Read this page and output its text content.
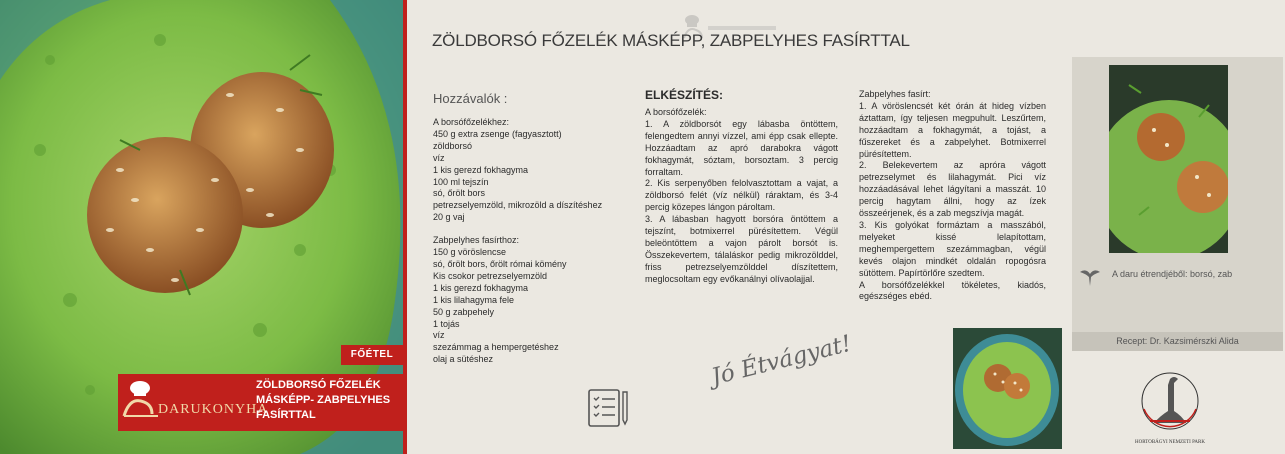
FŐÉTEL
DARUKONYHA
ZÖLDBORSÓ FŐZELÉK MÁSKÉPP- ZABPELYHES FASÍRTTAL
ZÖLDBORSÓ FŐZELÉK MÁSKÉPP, ZABPELYHES FASÍRTTAL
Hozzávalók :
A borsófőzelékhez:
450 g extra zsenge (fagyasztott) zöldborsó
víz
1 kis gerezd fokhagyma
100 ml tejszín
só, őrölt bors
petrezselyemzöld, mikrozöld a díszítéshez
20 g vaj
Zabpelyhes fasírthoz:
150 g vöröslencse
só, őrölt bors, őrölt római kömény
Kis csokor petrezselyemzöld
1 kis gerezd fokhagyma
1 kis lilahagyma fele
50 g zabpehely
1 tojás
víz
szezámmag a hempergetéshez
olaj a sütéshez
ELKÉSZÍTÉS:
A borsófőzelék:
1. A zöldborsót egy lábasba öntöttem, felengedtem annyi vízzel, ami épp csak ellepte. Hozzáadtam az apró darabokra vágott fokhagymát, sóztam, borsoztam. 3 percig forraltam.
2. Kis serpenyőben felolvasztottam a vajat, a zöldborsó felét (víz nélkül) ráraktam, és 3-4 percig közepes lángon pároltam.
3. A lábasban hagyott borsóra öntöttem a tejszínt, botmixerrel pürésítettem. Végül beleöntöttem a vajon párolt borsót is. Összekevertem, tálaláskor pedig mikrozölddel, friss petrezselyemzölddel díszítettem, meglocsoltam egy evőkanálnyi olívaolajjal.
Zabpelyhes fasírt:
1. A vöröslencsét két órán át hideg vízben áztattam, így teljesen megpuhult. Leszűrtem, hozzáadtam a fokhagymát, a tojást, a fűszereket és a zabpelyhet. Botmixerrel pürésítettem.
2. Belekevertem az apróra vágott petrezselymet és lilahagymát. Pici víz hozzáadásával lehet lágyítani a masszát. 10 percig hagytam állni, hogy az ízek összeérjenek, és a zab megszívja magát.
3. Kis golyókat formáztam a masszából, melyeket kissé lelapítottam, meghempergettem szezámmagban, végül kevés olajon mindkét oldalán ropogósra sütöttem. Papírtörlőre szedtem.
A borsófőzelékkel tökéletes, kiadós, egészséges ebéd.
Jó Étvágyat!
A daru étrendjéből: borsó, zab
Recept: Dr. Kazsimérszki Alida
HORTOBÁGYI NEMZETI PARK
